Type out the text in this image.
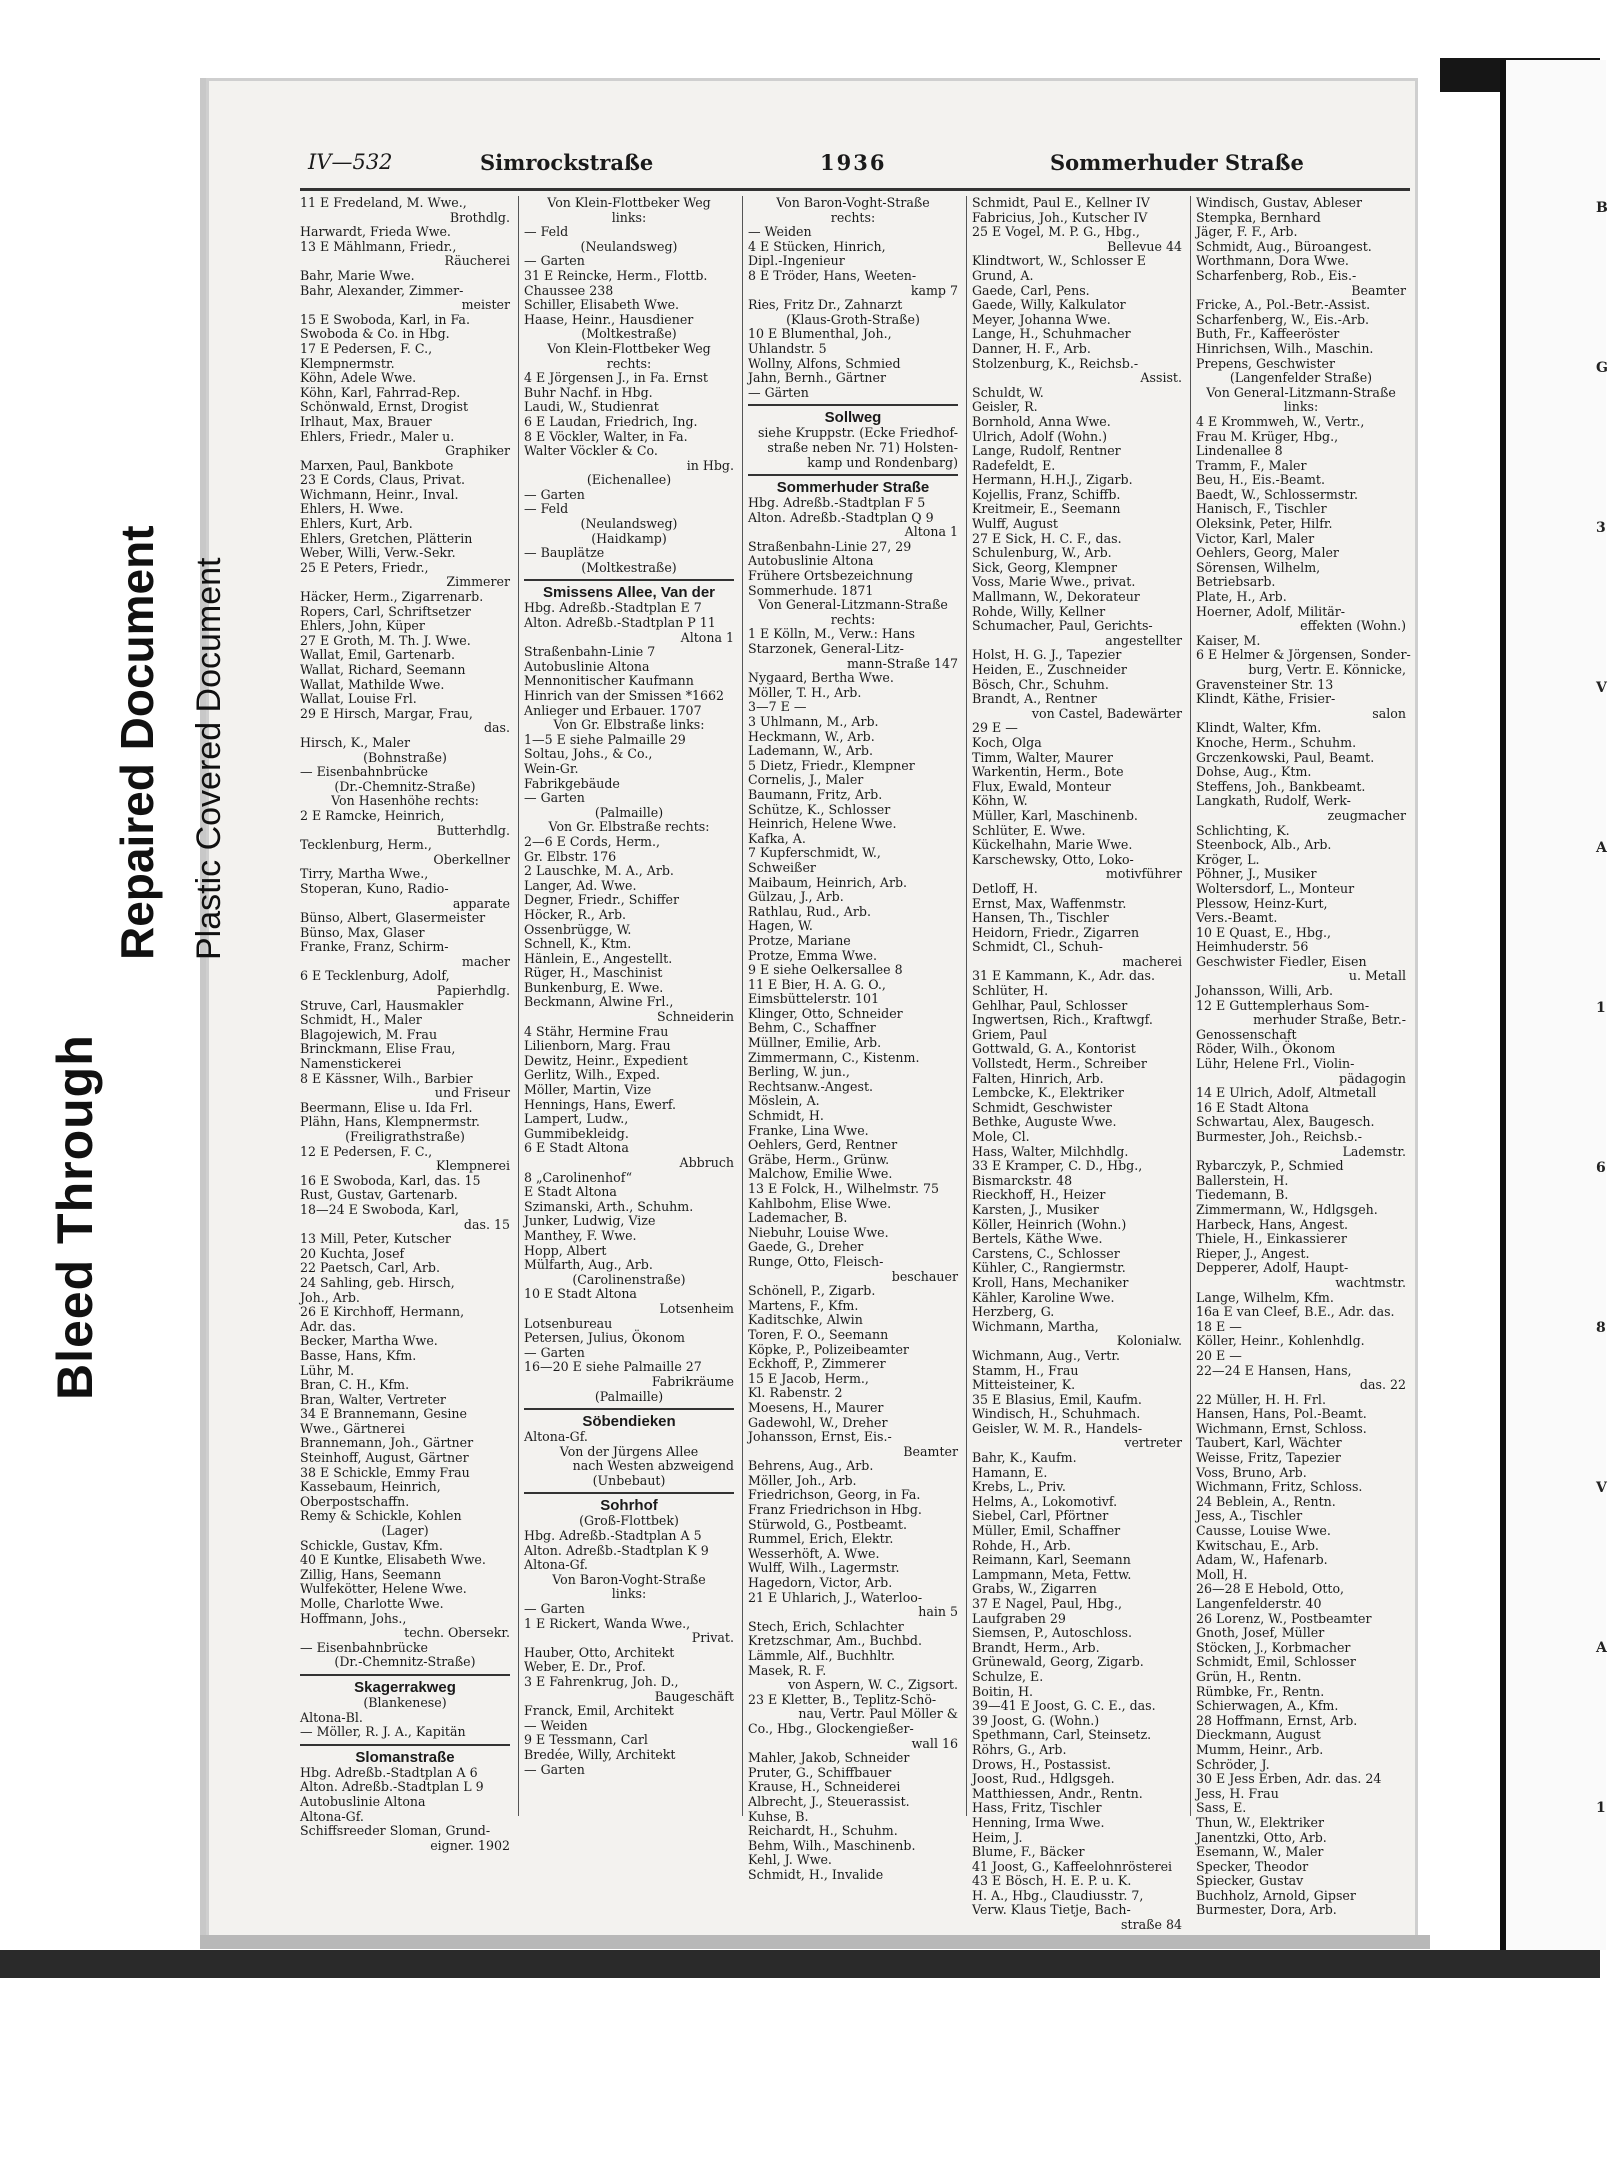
B
G
3
V
A
1
6
8
V
A
1
Bleed Through
Repaired Document Plastic Covered Document
IV—532	Simrockstraße	1936	Sommerhuder Straße
11 E Fredeland, M. Wwe.,
Brothdlg.
Harwardt, Frieda Wwe.
13 E Mählmann, Friedr.,
Räucherei
Bahr, Marie Wwe.
Bahr, Alexander, Zimmer-
meister
15 E Swoboda, Karl, in Fa.
Swoboda & Co. in Hbg.
17 E Pedersen, F. C.,
Klempnermstr.
Köhn, Adele Wwe.
Köhn, Karl, Fahrrad-Rep.
Schönwald, Ernst, Drogist
Irlhaut, Max, Brauer
Ehlers, Friedr., Maler u.
Graphiker
Marxen, Paul, Bankbote
23 E Cords, Claus, Privat.
Wichmann, Heinr., Inval.
Ehlers, H. Wwe.
Ehlers, Kurt, Arb.
Ehlers, Gretchen, Plätterin
Weber, Willi, Verw.-Sekr.
25 E Peters, Friedr.,
Zimmerer
Häcker, Herm., Zigarrenarb.
Ropers, Carl, Schriftsetzer
Ehlers, John, Küper
27 E Groth, M. Th. J. Wwe.
Wallat, Emil, Gartenarb.
Wallat, Richard, Seemann
Wallat, Mathilde Wwe.
Wallat, Louise Frl.
29 E Hirsch, Margar, Frau,
das.
Hirsch, K., Maler
(Bohnstraße)
— Eisenbahnbrücke
(Dr.-Chemnitz-Straße)
Von Hasenhöhe rechts:
2 E Ramcke, Heinrich,
Butterhdlg.
Tecklenburg, Herm.,
Oberkellner
Tirry, Martha Wwe.,
Stoperan, Kuno, Radio-
apparate
Bünso, Albert, Glasermeister
Bünso, Max, Glaser
Franke, Franz, Schirm-
macher
6 E Tecklenburg, Adolf,
Papierhdlg.
Struve, Carl, Hausmakler
Schmidt, H., Maler
Blagojewich, M. Frau
Brinckmann, Elise Frau,
Namenstickerei
8 E Kässner, Wilh., Barbier
und Friseur
Beermann, Elise u. Ida Frl.
Plähn, Hans, Klempnermstr.
(Freiligrathstraße)
12 E Pedersen, F. C.,
Klempnerei
16 E Swoboda, Karl, das. 15
Rust, Gustav, Gartenarb.
18—24 E Swoboda, Karl,
das. 15
13 Mill, Peter, Kutscher
20 Kuchta, Josef
22 Paetsch, Carl, Arb.
24 Sahling, geb. Hirsch,
Joh., Arb.
26 E Kirchhoff, Hermann,
Adr. das.
Becker, Martha Wwe.
Basse, Hans, Kfm.
Lühr, M.
Bran, C. H., Kfm.
Bran, Walter, Vertreter
34 E Brannemann, Gesine
Wwe., Gärtnerei
Brannemann, Joh., Gärtner
Steinhoff, August, Gärtner
38 E Schickle, Emmy Frau
Kassebaum, Heinrich,
Oberpostschaffn.
Remy & Schickle, Kohlen
(Lager)
Schickle, Gustav, Kfm.
40 E Kuntke, Elisabeth Wwe.
Zillig, Hans, Seemann
Wulfekötter, Helene Wwe.
Molle, Charlotte Wwe.
Hoffmann, Johs.,
techn. Obersekr.
— Eisenbahnbrücke
(Dr.-Chemnitz-Straße)
Skagerrakweg
(Blankenese)
Altona-Bl.
— Möller, R. J. A., Kapitän
Slomanstraße
Hbg. Adreßb.-Stadtplan A 6
Alton. Adreßb.-Stadtplan L 9
Autobuslinie Altona
Altona-Gf.
Schiffsreeder Sloman, Grund-
eigner. 1902
Von Klein-Flottbeker Weg
links:
— Feld
(Neulandsweg)
— Garten
31 E Reincke, Herm., Flottb.
Chaussee 238
Schiller, Elisabeth Wwe.
Haase, Heinr., Hausdiener
(Moltkestraße)
Von Klein-Flottbeker Weg
rechts:
4 E Jörgensen J., in Fa. Ernst
Buhr Nachf. in Hbg.
Laudi, W., Studienrat
6 E Laudan, Friedrich, Ing.
8 E Vöckler, Walter, in Fa.
Walter Vöckler & Co.
in Hbg.
(Eichenallee)
— Garten
— Feld
(Neulandsweg)
(Haidkamp)
— Bauplätze
(Moltkestraße)
Smissens Allee, Van der
Hbg. Adreßb.-Stadtplan E 7
Alton. Adreßb.-Stadtplan P 11
Altona 1
Straßenbahn-Linie 7
Autobuslinie Altona
Mennonitischer Kaufmann
Hinrich van der Smissen *1662
Anlieger und Erbauer. 1707
Von Gr. Elbstraße links:
1—5 E siehe Palmaille 29
Soltau, Johs., & Co.,
Wein-Gr.
Fabrikgebäude
— Garten
(Palmaille)
Von Gr. Elbstraße rechts:
2—6 E Cords, Herm.,
Gr. Elbstr. 176
2 Lauschke, M. A., Arb.
Langer, Ad. Wwe.
Degner, Friedr., Schiffer
Höcker, R., Arb.
Ossenbrügge, W.
Schnell, K., Ktm.
Hänlein, E., Angestellt.
Rüger, H., Maschinist
Bunkenburg, E. Wwe.
Beckmann, Alwine Frl.,
Schneiderin
4 Stähr, Hermine Frau
Lilienborn, Marg. Frau
Dewitz, Heinr., Expedient
Gerlitz, Wilh., Exped.
Möller, Martin, Vize
Hennings, Hans, Ewerf.
Lampert, Ludw.,
Gummibekleidg.
6 E Stadt Altona
Abbruch
8 „Carolinenhof“
E Stadt Altona
Szimanski, Arth., Schuhm.
Junker, Ludwig, Vize
Manthey, F. Wwe.
Hopp, Albert
Mülfarth, Aug., Arb.
(Carolinenstraße)
10 E Stadt Altona
Lotsenheim
Lotsenbureau
Petersen, Julius, Ökonom
— Garten
16—20 E siehe Palmaille 27
Fabrikräume
(Palmaille)
Söbendieken
Altona-Gf.
Von der Jürgens Allee
nach Westen abzweigend
(Unbebaut)
Sohrhof
(Groß-Flottbek)
Hbg. Adreßb.-Stadtplan A 5
Alton. Adreßb.-Stadtplan K 9
Altona-Gf.
Von Baron-Voght-Straße
links:
— Garten
1 E Rickert, Wanda Wwe.,
Privat.
Hauber, Otto, Architekt
Weber, E. Dr., Prof.
3 E Fahrenkrug, Joh. D.,
Baugeschäft
Franck, Emil, Architekt
— Weiden
9 E Tessmann, Carl
Bredée, Willy, Architekt
— Garten
Von Baron-Voght-Straße
rechts:
— Weiden
4 E Stücken, Hinrich,
Dipl.-Ingenieur
8 E Tröder, Hans, Weeten-
kamp 7
Ries, Fritz Dr., Zahnarzt
(Klaus-Groth-Straße)
10 E Blumenthal, Joh.,
Uhlandstr. 5
Wollny, Alfons, Schmied
Jahn, Bernh., Gärtner
— Gärten
Sollweg
siehe Kruppstr. (Ecke Friedhof-
straße neben Nr. 71) Holsten-
kamp und Rondenbarg)
Sommerhuder Straße
Hbg. Adreßb.-Stadtplan F 5
Alton. Adreßb.-Stadtplan Q 9
Altona 1
Straßenbahn-Linie 27, 29
Autobuslinie Altona
Frühere Ortsbezeichnung
Sommerhude. 1871
Von General-Litzmann-Straße
rechts:
1 E Kölln, M., Verw.: Hans
Starzonek, General-Litz-
mann-Straße 147
Nygaard, Bertha Wwe.
Möller, T. H., Arb.
3—7 E —
3 Uhlmann, M., Arb.
Heckmann, W., Arb.
Lademann, W., Arb.
5 Dietz, Friedr., Klempner
Cornelis, J., Maler
Baumann, Fritz, Arb.
Schütze, K., Schlosser
Heinrich, Helene Wwe.
Kafka, A.
7 Kupferschmidt, W.,
Schweißer
Maibaum, Heinrich, Arb.
Gülzau, J., Arb.
Rathlau, Rud., Arb.
Hagen, W.
Protze, Mariane
Protze, Emma Wwe.
9 E siehe Oelkersallee 8
11 E Bier, H. A. G. O.,
Eimsbüttelerstr. 101
Klinger, Otto, Schneider
Behm, C., Schaffner
Müllner, Emilie, Arb.
Zimmermann, C., Kistenm.
Berling, W. jun.,
Rechtsanw.-Angest.
Möslein, A.
Schmidt, H.
Franke, Lina Wwe.
Oehlers, Gerd, Rentner
Gräbe, Herm., Grünw.
Malchow, Emilie Wwe.
13 E Folck, H., Wilhelmstr. 75
Kahlbohm, Elise Wwe.
Lademacher, B.
Niebuhr, Louise Wwe.
Gaede, G., Dreher
Runge, Otto, Fleisch-
beschauer
Schönell, P., Zigarb.
Martens, F., Kfm.
Kaditschke, Alwin
Toren, F. O., Seemann
Köpke, P., Polizeibeamter
Eckhoff, P., Zimmerer
15 E Jacob, Herm.,
Kl. Rabenstr. 2
Moesens, H., Maurer
Gadewohl, W., Dreher
Johansson, Ernst, Eis.-
Beamter
Behrens, Aug., Arb.
Möller, Joh., Arb.
Friedrichson, Georg, in Fa.
Franz Friedrichson in Hbg.
Stürwold, G., Postbeamt.
Rummel, Erich, Elektr.
Wesserhöft, A. Wwe.
Wulff, Wilh., Lagermstr.
Hagedorn, Victor, Arb.
21 E Uhlarich, J., Waterloo-
hain 5
Stech, Erich, Schlachter
Kretzschmar, Am., Buchbd.
Lämmle, Alf., Buchhltr.
Masek, R. F.
von Aspern, W. C., Zigsort.
23 E Kletter, B., Teplitz-Schö-
nau, Vertr. Paul Möller &
Co., Hbg., Glockengießer-
wall 16
Mahler, Jakob, Schneider
Pruter, G., Schiffbauer
Krause, H., Schneiderei
Albrecht, J., Steuerassist.
Kuhse, B.
Reichardt, H., Schuhm.
Behm, Wilh., Maschinenb.
Kehl, J. Wwe.
Schmidt, H., Invalide
Schmidt, Paul E., Kellner IV
Fabricius, Joh., Kutscher IV
25 E Vogel, M. P. G., Hbg.,
Bellevue 44
Klindtwort, W., Schlosser E
Grund, A.
Gaede, Carl, Pens.
Gaede, Willy, Kalkulator
Meyer, Johanna Wwe.
Lange, H., Schuhmacher
Danner, H. F., Arb.
Stolzenburg, K., Reichsb.-
Assist.
Schuldt, W.
Geisler, R.
Bornhold, Anna Wwe.
Ulrich, Adolf (Wohn.)
Lange, Rudolf, Rentner
Radefeldt, E.
Hermann, H.H.J., Zigarb.
Kojellis, Franz, Schiffb.
Kreitmeir, E., Seemann
Wulff, August
27 E Sick, H. C. F., das.
Schulenburg, W., Arb.
Sick, Georg, Klempner
Voss, Marie Wwe., privat.
Mallmann, W., Dekorateur
Rohde, Willy, Kellner
Schumacher, Paul, Gerichts-
angestellter
Holst, H. G. J., Tapezier
Heiden, E., Zuschneider
Bösch, Chr., Schuhm.
Brandt, A., Rentner
von Castel, Badewärter
29 E —
Koch, Olga
Timm, Walter, Maurer
Warkentin, Herm., Bote
Flux, Ewald, Monteur
Köhn, W.
Müller, Karl, Maschinenb.
Schlüter, E. Wwe.
Kückelhahn, Marie Wwe.
Karschewsky, Otto, Loko-
motivführer
Detloff, H.
Ernst, Max, Waffenmstr.
Hansen, Th., Tischler
Heidorn, Friedr., Zigarren
Schmidt, Cl., Schuh-
macherei
31 E Kammann, K., Adr. das.
Schlüter, H.
Gehlhar, Paul, Schlosser
Ingwertsen, Rich., Kraftwgf.
Griem, Paul
Gottwald, G. A., Kontorist
Vollstedt, Herm., Schreiber
Falten, Hinrich, Arb.
Lembcke, K., Elektriker
Schmidt, Geschwister
Bethke, Auguste Wwe.
Mole, Cl.
Hass, Walter, Milchhdlg.
33 E Kramper, C. D., Hbg.,
Bismarckstr. 48
Rieckhoff, H., Heizer
Karsten, J., Musiker
Köller, Heinrich (Wohn.)
Bertels, Käthe Wwe.
Carstens, C., Schlosser
Kühler, C., Rangiermstr.
Kroll, Hans, Mechaniker
Kähler, Karoline Wwe.
Herzberg, G.
Wichmann, Martha,
Kolonialw.
Wichmann, Aug., Vertr.
Stamm, H., Frau
Mitteisteiner, K.
35 E Blasius, Emil, Kaufm.
Windisch, H., Schuhmach.
Geisler, W. M. R., Handels-
vertreter
Bahr, K., Kaufm.
Hamann, E.
Krebs, L., Priv.
Helms, A., Lokomotivf.
Siebel, Carl, Pförtner
Müller, Emil, Schaffner
Rohde, H., Arb.
Reimann, Karl, Seemann
Lampmann, Meta, Fettw.
Grabs, W., Zigarren
37 E Nagel, Paul, Hbg.,
Laufgraben 29
Siemsen, P., Autoschloss.
Brandt, Herm., Arb.
Grünewald, Georg, Zigarb.
Schulze, E.
Boitin, H.
39—41 E Joost, G. C. E., das.
39 Joost, G. (Wohn.)
Spethmann, Carl, Steinsetz.
Röhrs, G., Arb.
Drows, H., Postassist.
Joost, Rud., Hdlgsgeh.
Matthiessen, Andr., Rentn.
Hass, Fritz, Tischler
Henning, Irma Wwe.
Heim, J.
Blume, F., Bäcker
41 Joost, G., Kaffeelohnrösterei
43 E Bösch, H. E. P. u. K.
H. A., Hbg., Claudiusstr. 7,
Verw. Klaus Tietje, Bach-
straße 84
Windisch, Gustav, Ableser
Stempka, Bernhard
Jäger, F. F., Arb.
Schmidt, Aug., Büroangest.
Worthmann, Dora Wwe.
Scharfenberg, Rob., Eis.-
Beamter
Fricke, A., Pol.-Betr.-Assist.
Scharfenberg, W., Eis.-Arb.
Buth, Fr., Kaffeeröster
Hinrichsen, Wilh., Maschin.
Prepens, Geschwister
(Langenfelder Straße)
Von General-Litzmann-Straße
links:
4 E Krommweh, W., Vertr.,
Frau M. Krüger, Hbg.,
Lindenallee 8
Tramm, F., Maler
Beu, H., Eis.-Beamt.
Baedt, W., Schlossermstr.
Hanisch, F., Tischler
Oleksink, Peter, Hilfr.
Victor, Karl, Maler
Oehlers, Georg, Maler
Sörensen, Wilhelm,
Betriebsarb.
Plate, H., Arb.
Hoerner, Adolf, Militär-
effekten (Wohn.)
Kaiser, M.
6 E Helmer & Jörgensen, Sonder-
burg, Vertr. E. Könnicke,
Gravensteiner Str. 13
Klindt, Käthe, Frisier-
salon
Klindt, Walter, Kfm.
Knoche, Herm., Schuhm.
Grczenkowski, Paul, Beamt.
Dohse, Aug., Ktm.
Steffens, Joh., Bankbeamt.
Langkath, Rudolf, Werk-
zeugmacher
Schlichting, K.
Steenbock, Alb., Arb.
Kröger, L.
Pöhner, J., Musiker
Woltersdorf, L., Monteur
Plessow, Heinz-Kurt,
Vers.-Beamt.
10 E Quast, E., Hbg.,
Heimhuderstr. 56
Geschwister Fiedler, Eisen
u. Metall
Johansson, Willi, Arb.
12 E Guttemplerhaus Som-
merhuder Straße, Betr.-
Genossenschaft
Röder, Wilh., Ökonom
Lühr, Helene Frl., Violin-
pädagogin
14 E Ulrich, Adolf, Altmetall
16 E Stadt Altona
Schwartau, Alex, Baugesch.
Burmester, Joh., Reichsb.-
Lademstr.
Rybarczyk, P., Schmied
Ballerstein, H.
Tiedemann, B.
Zimmermann, W., Hdlgsgeh.
Harbeck, Hans, Angest.
Thiele, H., Einkassierer
Rieper, J., Angest.
Depperer, Adolf, Haupt-
wachtmstr.
Lange, Wilhelm, Kfm.
16a E van Cleef, B.E., Adr. das.
18 E —
Köller, Heinr., Kohlenhdlg.
20 E —
22—24 E Hansen, Hans,
das. 22
22 Müller, H. H. Frl.
Hansen, Hans, Pol.-Beamt.
Wichmann, Ernst, Schloss.
Taubert, Karl, Wächter
Weisse, Fritz, Tapezier
Voss, Bruno, Arb.
Wichmann, Fritz, Schloss.
24 Beblein, A., Rentn.
Jess, A., Tischler
Causse, Louise Wwe.
Kwitschau, E., Arb.
Adam, W., Hafenarb.
Moll, H.
26—28 E Hebold, Otto,
Langenfelderstr. 40
26 Lorenz, W., Postbeamter
Gnoth, Josef, Müller
Stöcken, J., Korbmacher
Schmidt, Emil, Schlosser
Grün, H., Rentn.
Rümbke, Fr., Rentn.
Schierwagen, A., Kfm.
28 Hoffmann, Ernst, Arb.
Dieckmann, August
Mumm, Heinr., Arb.
Schröder, J.
30 E Jess Erben, Adr. das. 24
Jess, H. Frau
Sass, E.
Thun, W., Elektriker
Janentzki, Otto, Arb.
Esemann, W., Maler
Specker, Theodor
Spiecker, Gustav
Buchholz, Arnold, Gipser
Burmester, Dora, Arb.
